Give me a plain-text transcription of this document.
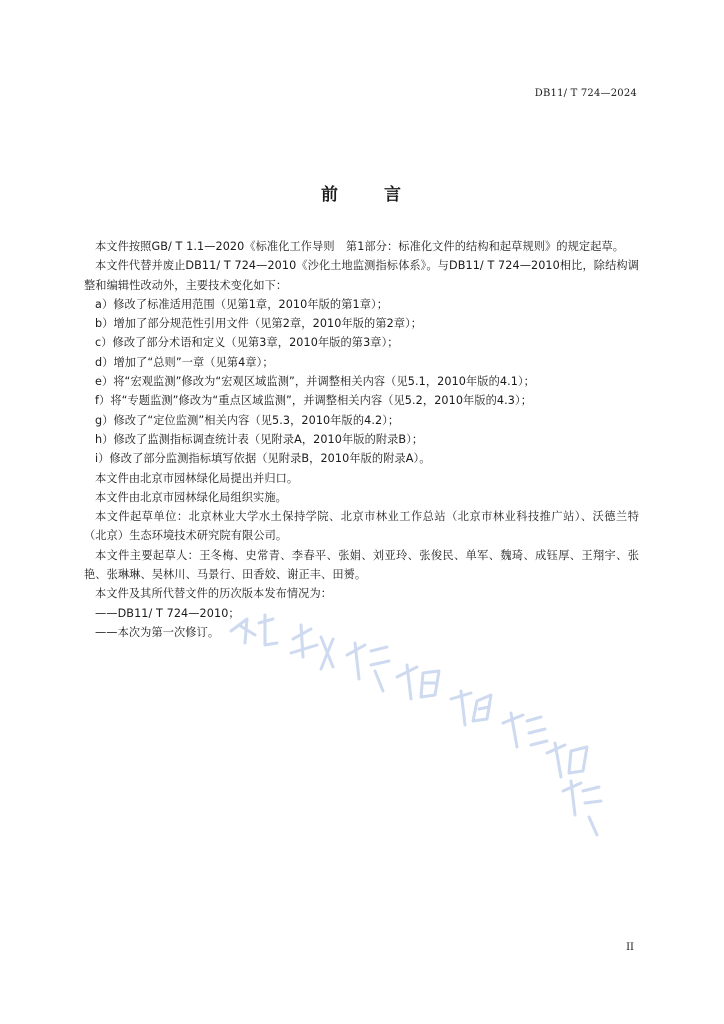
DB11/ T 724—2024
前 言

本文件按照GB/ T 1.1—2020《标准化工作导则　第1部分：标准化文件的结构和起草规则》的规定起草。

本文件代替并废止DB11/ T 724—2010《沙化土地监测指标体系》。与DB11/ T 724—2010相比，除结构调整和编辑性改动外，主要技术变化如下：

a）修改了标准适用范围（见第1章，2010年版的第1章）；

b）增加了部分规范性引用文件（见第2章，2010年版的第2章）；

c）修改了部分术语和定义（见第3章，2010年版的第3章）；

d）增加了“总则”一章（见第4章）；

e）将“宏观监测”修改为“宏观区域监测”，并调整相关内容（见5.1，2010年版的4.1）；

f）将“专题监测”修改为“重点区域监测”，并调整相关内容（见5.2，2010年版的4.3）；

g）修改了“定位监测”相关内容（见5.3，2010年版的4.2）；

h）修改了监测指标调查统计表（见附录A，2010年版的附录B）；

i）修改了部分监测指标填写依据（见附录B，2010年版的附录A）。

本文件由北京市园林绿化局提出并归口。

本文件由北京市园林绿化局组织实施。

本文件起草单位：北京林业大学水土保持学院、北京市林业工作总站（北京市林业科技推广站）、沃德兰特（北京）生态环境技术研究院有限公司。

本文件主要起草人：王冬梅、史常青、李春平、张娟、刘亚玲、张俊民、单军、魏琦、成钰厚、王翔宇、张艳、张琳琳、吴林川、马景行、田香姣、谢正丰、田赟。

本文件及其所代替文件的历次版本发布情况为：

——DB11/ T 724—2010；

——本次为第一次修订。

II
